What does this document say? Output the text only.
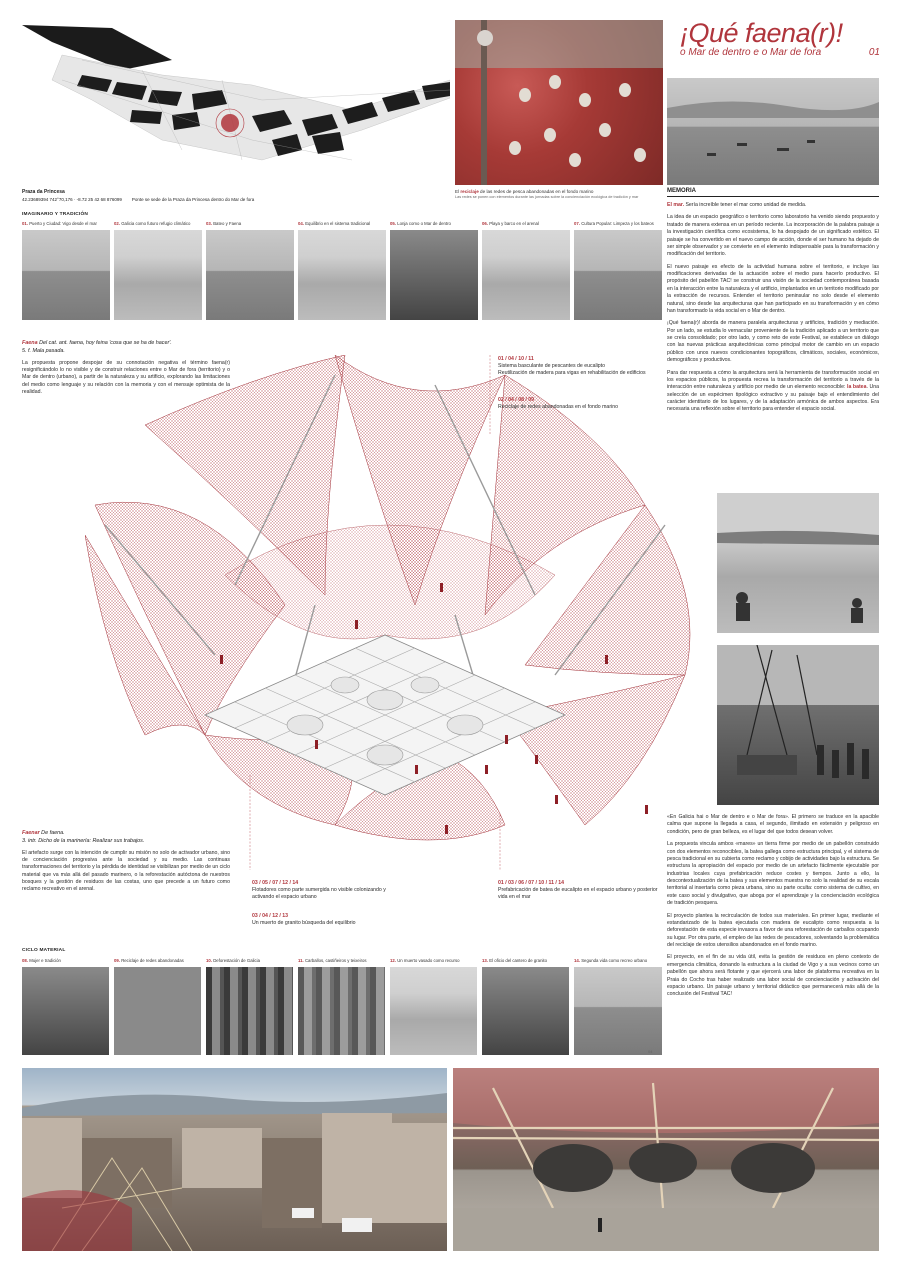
Praza da Princesa
42.23689394 742°70,176 · -8.72 25 42 68 876099 Ponte se sede de la Praza da Princesa dentro do Mar de fora
El reciclaje de las redes de pesca abandonadas en el fondo marino
Las redes se ponen con elementos durante las jornadas sobre la concienciación ecológica de tradición y mar
¡Qué faena(r)!
o Mar de dentro e o Mar de fora	01
IMAGINARIO Y TRADICIÓN
01. Puerto y Ciudad: Vigo desde el mar	02. Galicia como futuro refugio climático	03. Bateo y Faena	04. Equilibrio en el sistema tradicional	05. Lonja como o Mar de dentro	06. Playa y barco en el arenal	07. Cultura Popular: Limpeza y los bateos
Faena Del cat. ant. faena, hoy feina 'cosa que se ha de hacer'.
5. f. Mala pasada.
La propuesta propone despojar de su connotación negativa el término faena(r) resignificándolo lo no visible y de construir relaciones entre o Mar de fora (territorio) y o Mar de dentro (urbano), a partir de la naturaleza y su artificio, explorando las limitaciones del medio como lenguaje y su relación con la memoria y con el mensaje optimista de la realidad.
Faenar De faena.
3. intr. Dicho de la marinería: Realizar sus trabajos.
El artefacto surge con la intención de cumplir su misión no solo de activador urbano, sino de concienciación progresiva ante la sociedad y su medio. Las continuas transformaciones del territorio y la pérdida de identidad se visibilizan por medio de un ciclo material que va más allá del pasado marinero, o la reforestación autóctona de nuestros bosques y la gestión de residuos de las costas, uno que precede a un futuro como reclamo recreativo en el arenal.
01 / 04 / 10 / 11
Sistema basculante de pescantes de eucalipto
Reutilización de madera para vigas en rehabilitación de edificios
02 / 04 / 08 / 09
Reciclaje de redes abandonadas en el fondo marino
03 / 05 / 07 / 12 / 14
Flotadores como parte sumergida no visible colonizando y activando el espacio urbano
03 / 04 / 12 / 13
Un muerto de granito búsqueda del equilibrio
01 / 03 / 06 / 07 / 10 / 11 / 14
Prefabricación de batea de eucalipto en el espacio urbano y posterior vida en el mar
MEMORIA

El mar. Sería increíble tener el mar como unidad de medida.

La idea de un espacio geográfico o territorio como laboratorio ha venido siendo propuesto y tratado de manera extensa en un período reciente. La incorporación de la palabra paisaje a la investigación científica como ecosistema, lo ha despojado de un significado estético. El paisaje se ha convertido en el nuevo campo de acción, donde el ser humano ha dejado de ser simple observador y se convierte en el elemento indispensable para la transformación y modificación del territorio.

El nuevo paisaje es efecto de la actividad humana sobre el territorio, e incluye las modificaciones derivadas de la actuación sobre el medio para hacerlo productivo. El propósito del pabellón TAC! se construir una visión de la sociedad contemporánea basada en la interacción entre la naturaleza y el artificio, implantados en un territorio modificado por la extracción de recursos. Entender el territorio peninsular no solo desde el elemento natural, sino desde las arquitecturas que han participado en su transformación y en cómo han transformado la vida social en o Mar de dentro.

¡Qué faena(r)! aborda de manera paralela arquitecturas y artificios, tradición y mediación. Por un lado, se estudia lo vernacular proveniente de la tradición aplicado a un territorio que se creía consolidado; por otro lado, y como reto de este Festival, se establece un diálogo con las nuevas prácticas arquitectónicas como principal motor de cambio en un espacio público con unos nuevos condicionantes topográficos, climáticos, sociales, económicos, demográficos y productivos.

Para dar respuesta a cómo la arquitectura será la herramienta de transformación social en los espacios públicos, la propuesta recrea la transformación del territorio a través de la interacción entre naturaleza y artificio por medio de un elemento reconocible: la batea. Una selección de un espécimen tipológico extractivo y su paisaje bajo el entendimiento del carácter identitario de los lugares, y de la adaptación armónica de ambos aspectos. Era necesaria una reflexión sobre el territorio para entender el espacio social.

«En Galicia hai o Mar de dentro e o Mar de fora». El primero se traduce en la apacible calma que supone la llegada a casa, el segundo, ilimitado en extensión y peligroso en condición, pero de gran belleza, es el lugar del que todos desean volver.

La propuesta vincula ambos «mares» un tierra firme por medio de un pabellón construido con dos elementos reconocibles, la batea gallega como estructura principal, y el sistema de pesca tradicional en su cubierta como reclamo y cobijo de actividades bajo la estructura. Se estructura la apropiación del espacio por medio de un artefacto fácilmente ejecutable por industrias locales cuya prefabricación reduce costes y tiempos. Junto a ello, la descontextualización de la batea y sus elementos muestra no solo la realidad de su escala territorial al insertarla como pieza urbana, sino su parte oculta: como sistema de cultivo, en este caso social y divulgativo, que aboga por el aprendizaje y la concienciación ecológica de tradición pesquera.

El proyecto plantea la recirculación de todos sus materiales. En primer lugar, mediante el estandarizado de la batea ejecutada con madera de eucalipto como respuesta a la deforestación de esta especie invasora a favor de una reforestación de carballos ocupando su lugar. Por otra parte, el empleo de las redes de pescadores, solventando la problemática del reciclaje de estos utensilios abandonados en el fondo marino.

El proyecto, en el fin de su vida útil, evita la gestión de residuos en pleno contexto de emergencia climática, donando la estructura a la ciudad de Vigo y a sus vecinos como un pabellón que ahora será flotante y que ejercerá una labor de plataforma recreativa en la Praia do Cocho tras haber realizado una labor social de concienciación y activación del espacio urbano. Un paisaje urbano y territorial didáctico que permanecerá más allá de la conclusión del Festival TAC!

CICLO MATERIAL
08. Mujer e tradición	09. Reciclaje de redes abandonadas	10. Deforestación de Galicia	11. Carballos, castiñeiros y teixeiros	12. Un muerto vasado como recurso	13. El oficio del cantero de granito	14. Segunda vida como recreo urbano
04
